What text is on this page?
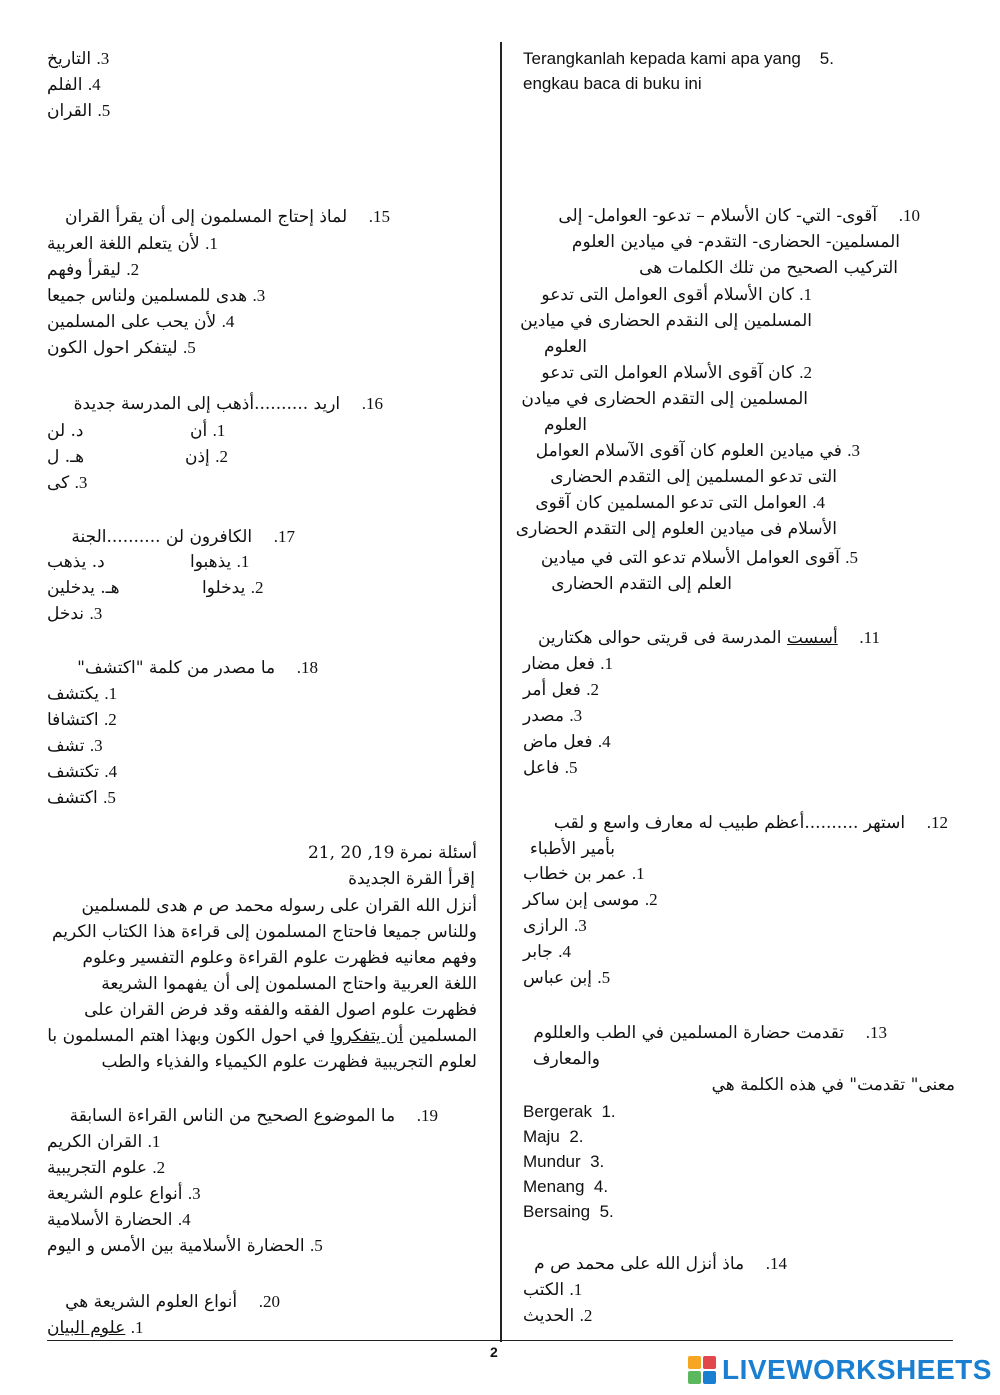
2
3. التاريخ
4. الفلم
5. القران
15.    لماذ إحتاج المسلمون إلى أن يقرأ القران
1. لأن يتعلم اللغة العربية
2. ليقرأ وفهم
3. هدى للمسلمين ولناس جميعا
4. لأن يحب على المسلمين
5. ليتفكر احول الكون
16.    اريد ..........أذهب إلى المدرسة جديدة
د. لن	1. أن
هـ. ل	2. إذن
3. كى
17.    الكافرون لن ..........الجنة
د. يذهب	1. يذهبوا
هـ. يدخلين	2. يدخلوا
3. ندخل
18.    ما مصدر من كلمة "اكتشف"
1. يكتشف
2. اكتشافا
3. تشف
4. تكتشف
5. اكتشف
أسئلة نمرة 19, 20 ,21
إقرأ القرة الجديدة
أنزل الله القران على رسوله محمد ص م هدى للمسلمين
وللناس جميعا فاحتاج المسلمون إلى قراءة هذا الكتاب الكريم
وفهم معانيه فظهرت علوم القراءة وعلوم التفسير وعلوم
اللغة العربية واحتاج المسلمون إلى أن يفهموا الشريعة
فظهرت علوم اصول الفقه والفقه وقد فرض القران على
المسلمين أن يتفكروا في احول الكون وبهذا اهتم المسلمون با
لعلوم التجريبية فظهرت علوم الكيمياء والفذياء والطب
19.    ما الموضوع الصحيح من الناس القراءة السابقة
1. القران الكريم
2. علوم التجريبية
3. أنواع علوم الشريعة
4. الحضارة الأسلامية
5. الحضارة الأسلامية بين الأمس و اليوم
20.    أنواع العلوم الشريعة هي
1. علوم البيان
Terangkanlah kepada kami apa yang 5.
engkau baca di buku ini
10.    آقوى- التي- كان الأسلام – تدعو- العوامل- إلى
المسلمين- الحضارى- التقدم- في ميادين العلوم
التركيب الصحيح من تلك الكلمات هى
1. كان الأسلام أقوى العوامل التى تدعو
المسلمين إلى النقدم الحضارى في ميادين
العلوم
2. كان آقوى الأسلام العوامل التى تدعو
المسلمين إلى التقدم الحضارى في ميادن
العلوم
3. في ميادين العلوم كان آقوى الآسلام العوامل
التى تدعو المسلمين إلى التقدم الحضارى
4. العوامل التى تدعو المسلمين كان آقوى
الأسلام فى ميادين العلوم إلى التقدم الحضارى
5. آقوى العوامل الأسلام تدعو التى في ميادين
العلم إلى التقدم الحضارى
11.    أسست المدرسة فى قريتى حوالى هكتارين
1. فعل مضار
2. فعل أمر
3. مصدر
4. فعل ماض
5. فاعل
12.    استهر ..........أعظم طبيب له معارف واسع و لقب
بأمير الأطباء
1. عمر بن خطاب
2. موسى إبن ساكر
3. الرازى
4. جابر
5. إبن عباس
13.    تقدمت حضارة المسلمين في الطب والعللوم
والمعارف
معنى" تقدمت" في هذه الكلمة هي
Bergerak 1.
Maju 2.
Mundur 3.
Menang 4.
Bersaing 5.
14.    ماذ أنزل الله على محمد ص م
1. الكتب
2. الحديث
LIVEWORKSHEETS
